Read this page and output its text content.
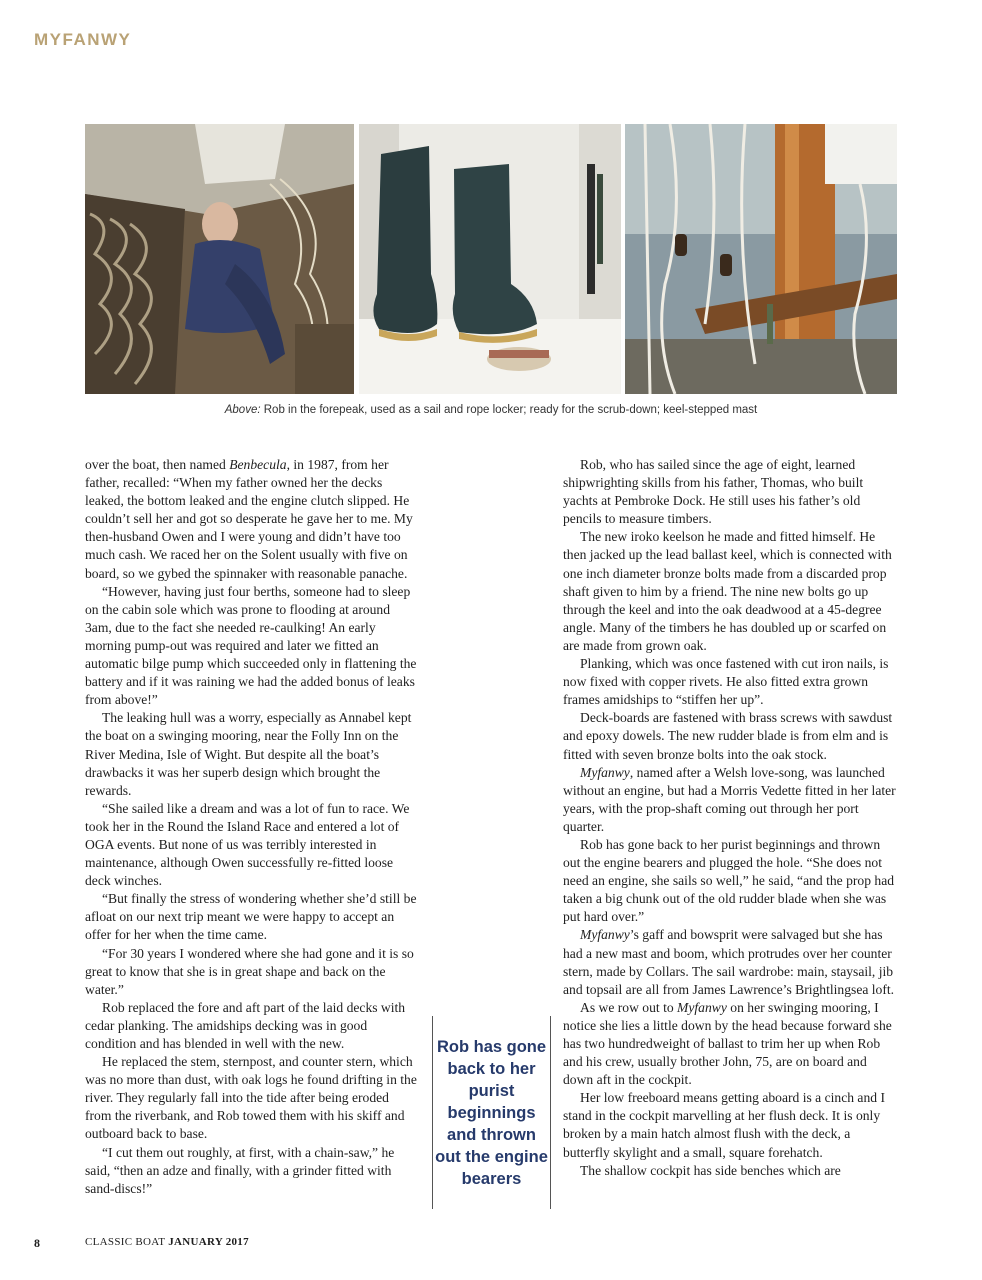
MYFANWY

Above: Rob in the forepeak, used as a sail and rope locker; ready for the scrub-down; keel-stepped mast

over the boat, then named Benbecula, in 1987, from her father, recalled: “When my father owned her the decks leaked, the bottom leaked and the engine clutch slipped. He couldn’t sell her and got so desperate he gave her to me. My then-husband Owen and I were young and didn’t have too much cash. We raced her on the Solent usually with five on board, so we gybed the spinnaker with reasonable panache.

“However, having just four berths, someone had to sleep on the cabin sole which was prone to flooding at around 3am, due to the fact she needed re-caulking! An early morning pump-out was required and later we fitted an automatic bilge pump which succeeded only in flattening the battery and if it was raining we had the added bonus of leaks from above!”

The leaking hull was a worry, especially as Annabel kept the boat on a swinging mooring, near the Folly Inn on the River Medina, Isle of Wight. But despite all the boat’s drawbacks it was her superb design which brought the rewards.

“She sailed like a dream and was a lot of fun to race. We took her in the Round the Island Race and entered a lot of OGA events. But none of us was terribly interested in maintenance, although Owen successfully re-fitted loose deck winches.

“But finally the stress of wondering whether she’d still be afloat on our next trip meant we were happy to accept an offer for her when the time came.

“For 30 years I wondered where she had gone and it is so great to know that she is in great shape and back on the water.”

Rob replaced the fore and aft part of the laid decks with cedar planking. The amidships decking was in good condition and has blended in well with the new.

He replaced the stem, sternpost, and counter stern, which was no more than dust, with oak logs he found drifting in the river. They regularly fall into the tide after being eroded from the riverbank, and Rob towed them with his skiff and outboard back to base.

“I cut them out roughly, at first, with a chain-saw,” he said, “then an adze and finally, with a grinder fitted with sand-discs!”

Rob has gone back to her purist beginnings and thrown out the engine bearers

Rob, who has sailed since the age of eight, learned shipwrighting skills from his father, Thomas, who built yachts at Pembroke Dock. He still uses his father’s old pencils to measure timbers.

The new iroko keelson he made and fitted himself. He then jacked up the lead ballast keel, which is connected with one inch diameter bronze bolts made from a discarded prop shaft given to him by a friend. The nine new bolts go up through the keel and into the oak deadwood at a 45-degree angle. Many of the timbers he has doubled up or scarfed on are made from grown oak.

Planking, which was once fastened with cut iron nails, is now fixed with copper rivets. He also fitted extra grown frames amidships to “stiffen her up”.

Deck-boards are fastened with brass screws with sawdust and epoxy dowels. The new rudder blade is from elm and is fitted with seven bronze bolts into the oak stock.

Myfanwy, named after a Welsh love-song, was launched without an engine, but had a Morris Vedette fitted in her later years, with the prop-shaft coming out through her port quarter.

Rob has gone back to her purist beginnings and thrown out the engine bearers and plugged the hole. “She does not need an engine, she sails so well,” he said, “and the prop had taken a big chunk out of the old rudder blade when she was put hard over.”

Myfanwy’s gaff and bowsprit were salvaged but she has had a new mast and boom, which protrudes over her counter stern, made by Collars. The sail wardrobe: main, staysail, jib and topsail are all from James Lawrence’s Brightlingsea loft.

As we row out to Myfanwy on her swinging mooring, I notice she lies a little down by the head because forward she has two hundredweight of ballast to trim her up when Rob and his crew, usually brother John, 75, are on board and down aft in the cockpit.

Her low freeboard means getting aboard is a cinch and I stand in the cockpit marvelling at her flush deck. It is only broken by a main hatch almost flush with the deck, a butterfly skylight and a small, square forehatch.

The shallow cockpit has side benches which are

8	CLASSIC BOAT JANUARY 2017
